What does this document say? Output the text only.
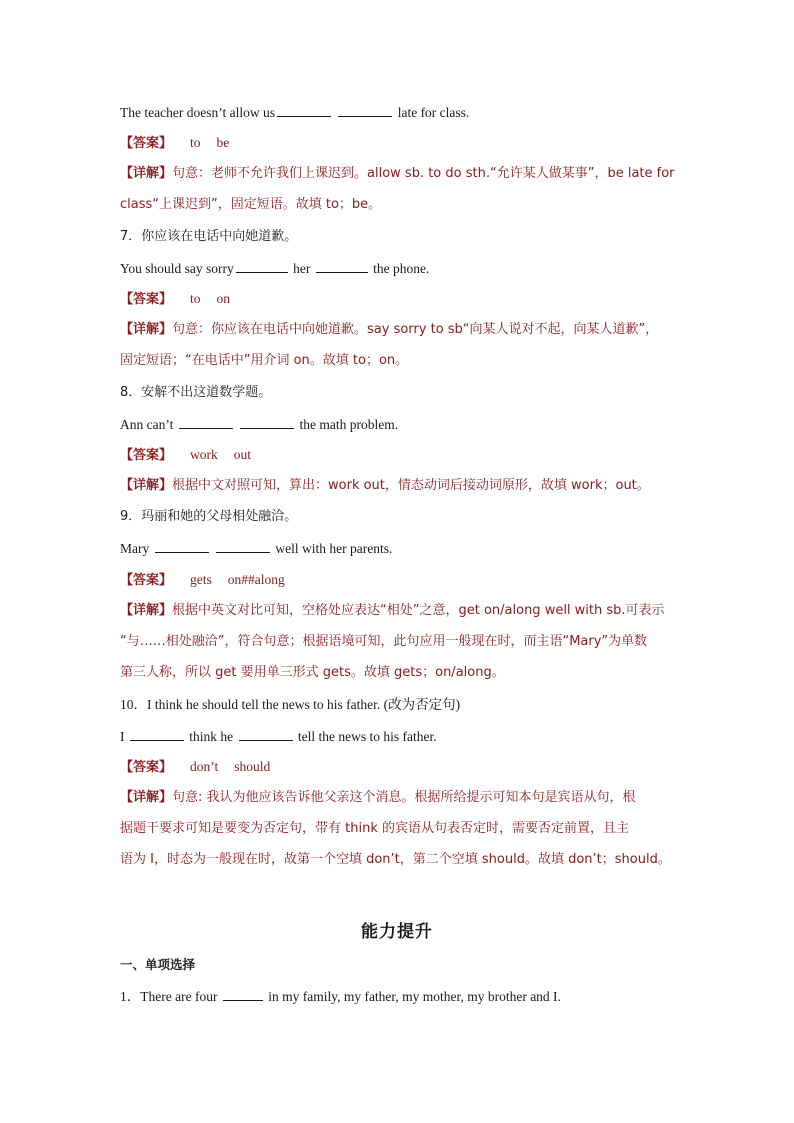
The teacher doesn’t allow us	late for class.
【答案】 to be
【详解】句意：老师不允许我们上课迟到。allow sb. to do sth.“允许某人做某事”，be late for
class“上课迟到”，固定短语。故填 to；be。
7．你应该在电话中向她道歉。
You should say sorry	her	the phone.
【答案】 to on
【详解】句意：你应该在电话中向她道歉。say sorry to sb“向某人说对不起，向某人道歉”，
固定短语；“在电话中”用介词 on。故填 to；on。
8．安解不出这道数学题。
Ann can’t	the math problem.
【答案】 work out
【详解】根据中文对照可知，算出：work out，情态动词后接动词原形，故填 work；out。
9．玛丽和她的父母相处融洽。
Mary	well with her parents.
【答案】 gets on##along
【详解】根据中英文对比可知，空格处应表达“相处”之意，get on/along well with sb.可表示
“与……相处融洽”，符合句意；根据语境可知，此句应用一般现在时，而主语“Mary”为单数
第三人称，所以 get 要用单三形式 gets。故填 gets；on/along。
10．I think he should tell the news to his father. (改为否定句)
I	think he	tell the news to his father.
【答案】 don’t should
【详解】句意: 我认为他应该告诉他父亲这个消息。根据所给提示可知本句是宾语从句，根
据题干要求可知是要变为否定句，带有 think 的宾语从句表否定时，需要否定前置，且主
语为 I，时态为一般现在时，故第一个空填 don’t，第二个空填 should。故填 don’t；should。
能力提升
一、单项选择
1．There are four	in my family, my father, my mother, my brother and I.
